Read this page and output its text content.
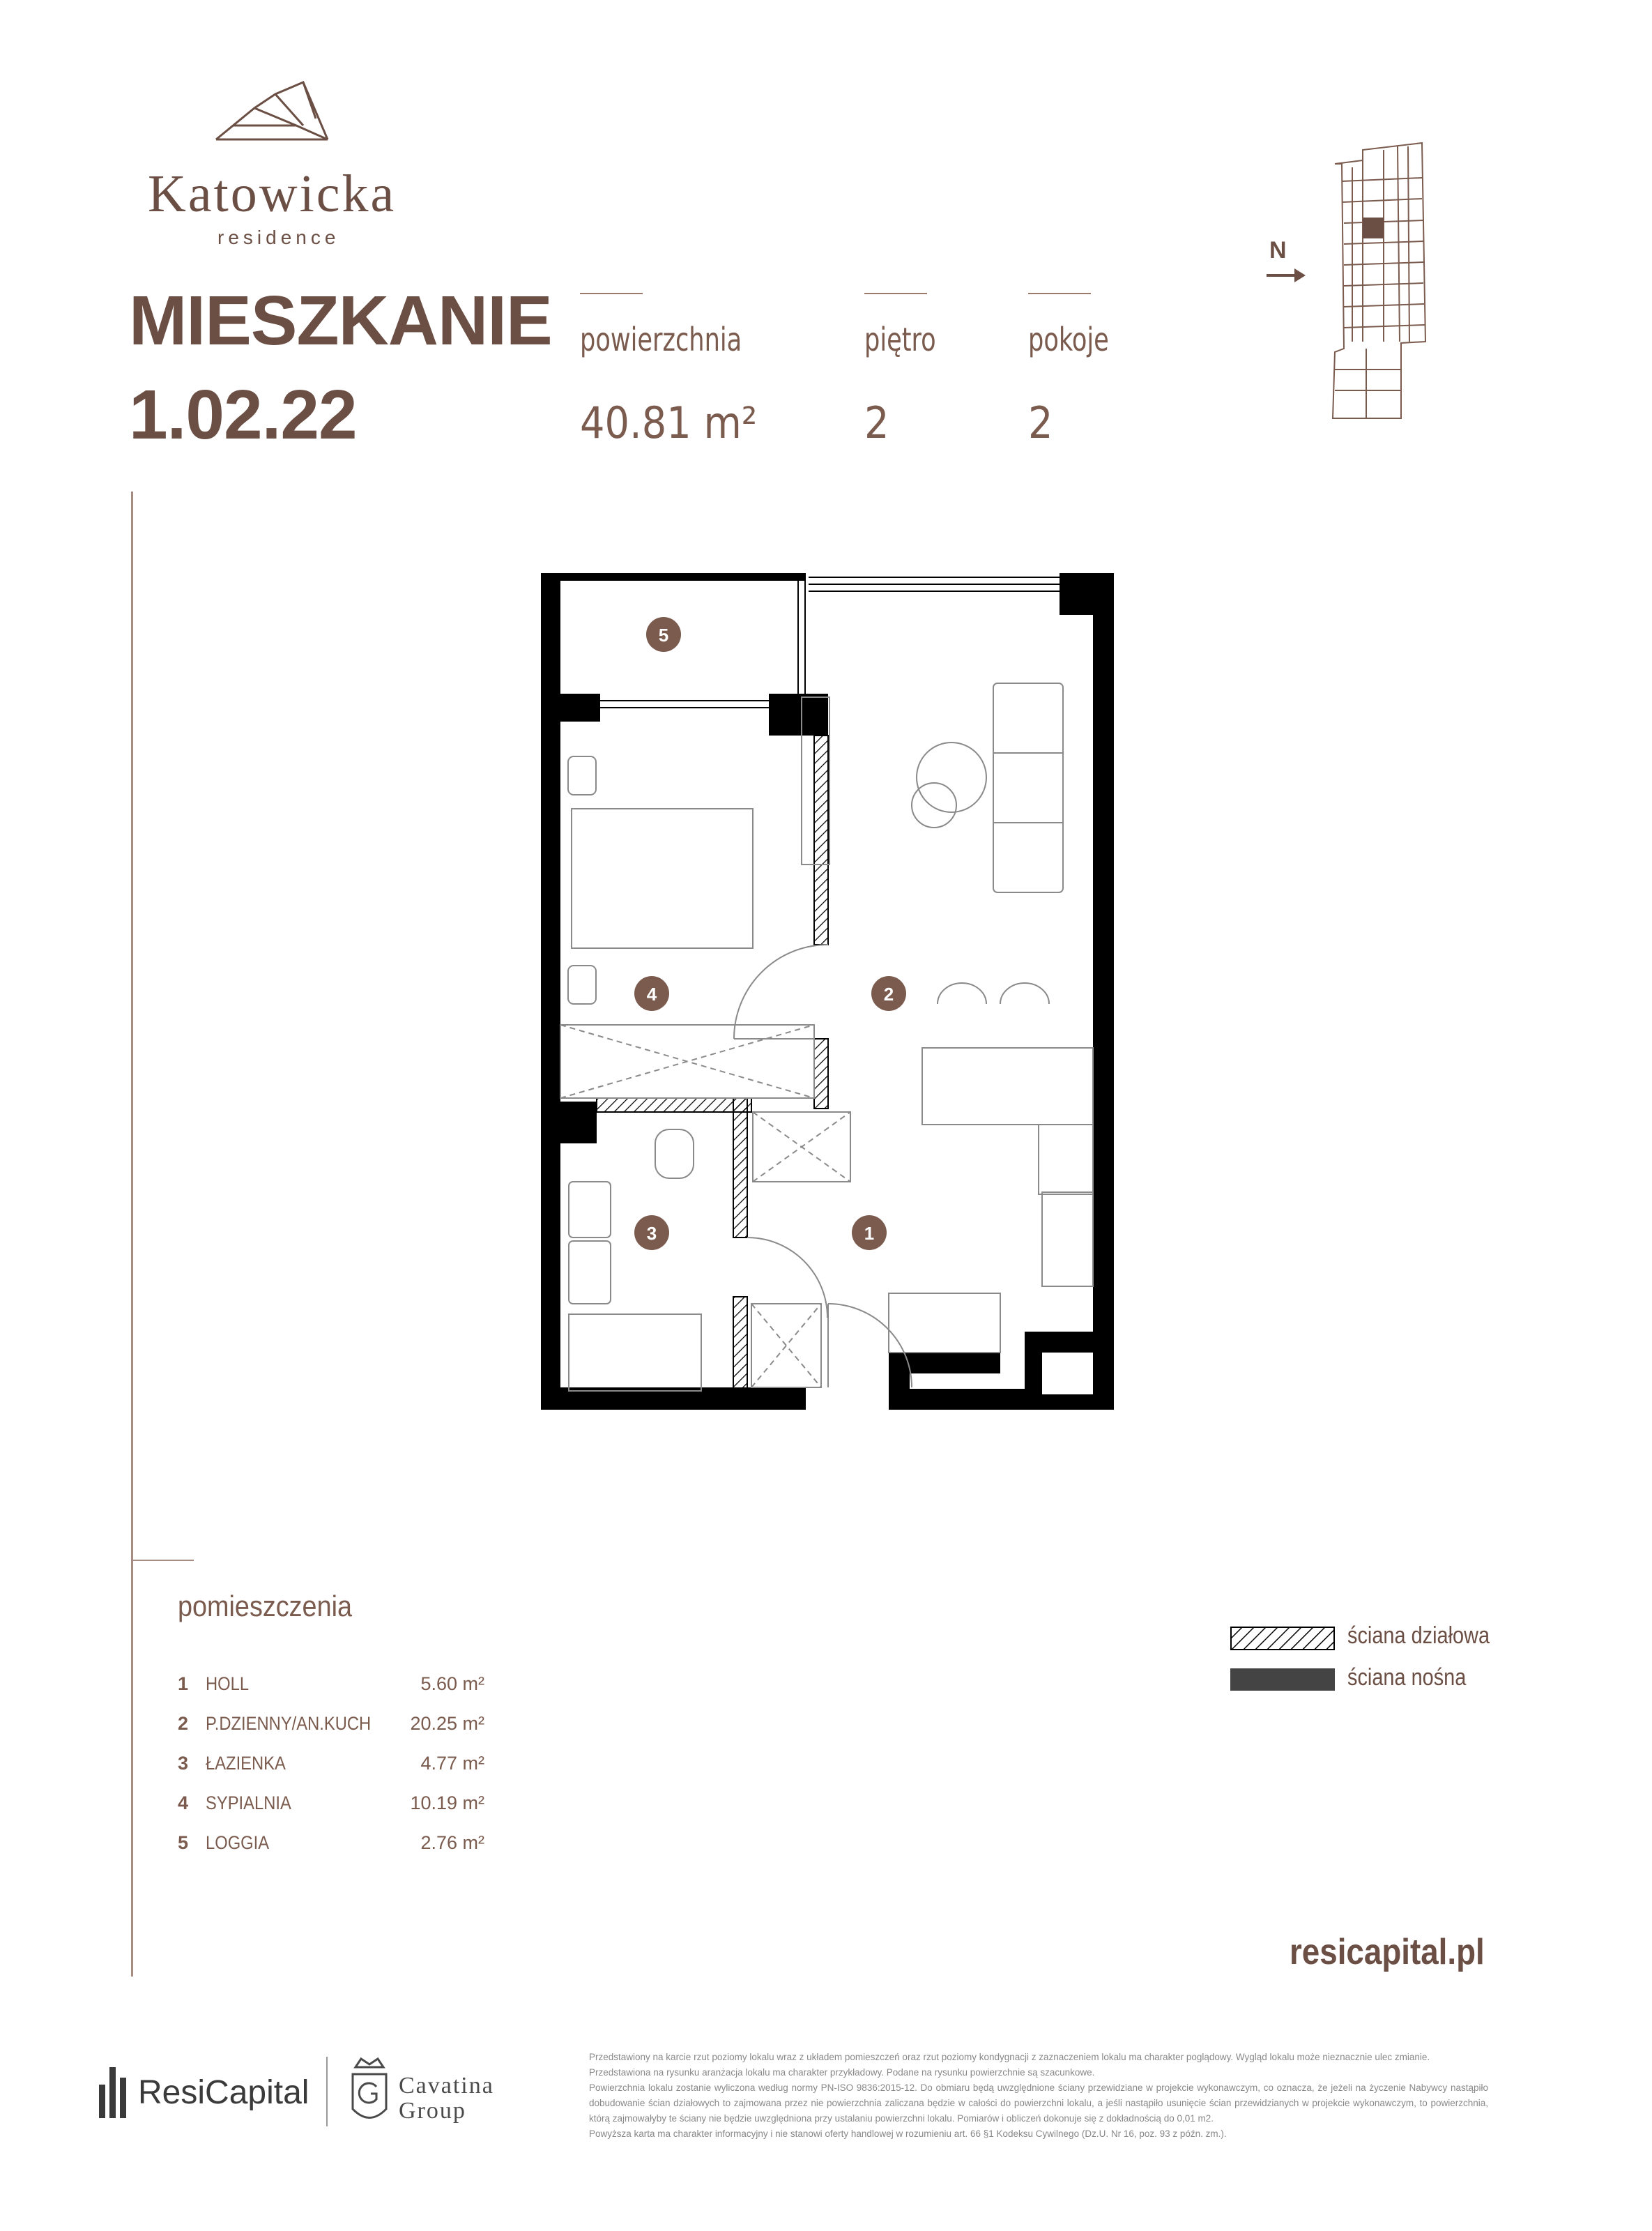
Katowicka
residence
MIESZKANIE
1.02.22
powierzchnia
40.81 m²
piętro
2
pokoje
2
N
5
2
4
3	1
pomieszczenia
1 HOLL	5.60 m²
2 P.DZIENNY/AN.KUCH 20.25 m²
3 ŁAZIENKA	4.77 m²
4 SYPIALNIA	10.19 m²
5 LOGGIA	2.76 m²
ściana działowa
ściana nośna
resicapital.pl
ResiCapital	Cavatina
Group

Przedstawiony na karcie rzut poziomy lokalu wraz z układem pomieszczeń oraz rzut poziomy kondygnacji z zaznaczeniem lokalu ma charakter poglądowy. Wygląd lokalu może nieznacznie ulec zmianie.

Przedstawiona na rysunku aranżacja lokalu ma charakter przykładowy. Podane na rysunku powierzchnie są szacunkowe.

Powierzchnia lokalu zostanie wyliczona według normy PN-ISO 9836:2015-12. Do obmiaru będą uwzględnione ściany przewidziane w projekcie wykonawczym, co oznacza, że jeżeli na życzenie Nabywcy nastąpiło dobudowanie ścian działowych to zajmowana przez nie powierzchnia zaliczana będzie w całości do powierzchni lokalu, a jeśli nastąpiło usunięcie ścian przewidzianych w projekcie wykonawczym, to powierzchnia, którą zajmowałyby te ściany nie będzie uwzględniona przy ustalaniu powierzchni lokalu. Pomiarów i obliczeń dokonuje się z dokładnością do 0,01 m2.

Powyższa karta ma charakter informacyjny i nie stanowi oferty handlowej w rozumieniu art. 66 §1 Kodeksu Cywilnego (Dz.U. Nr 16, poz. 93 z późn. zm.).
